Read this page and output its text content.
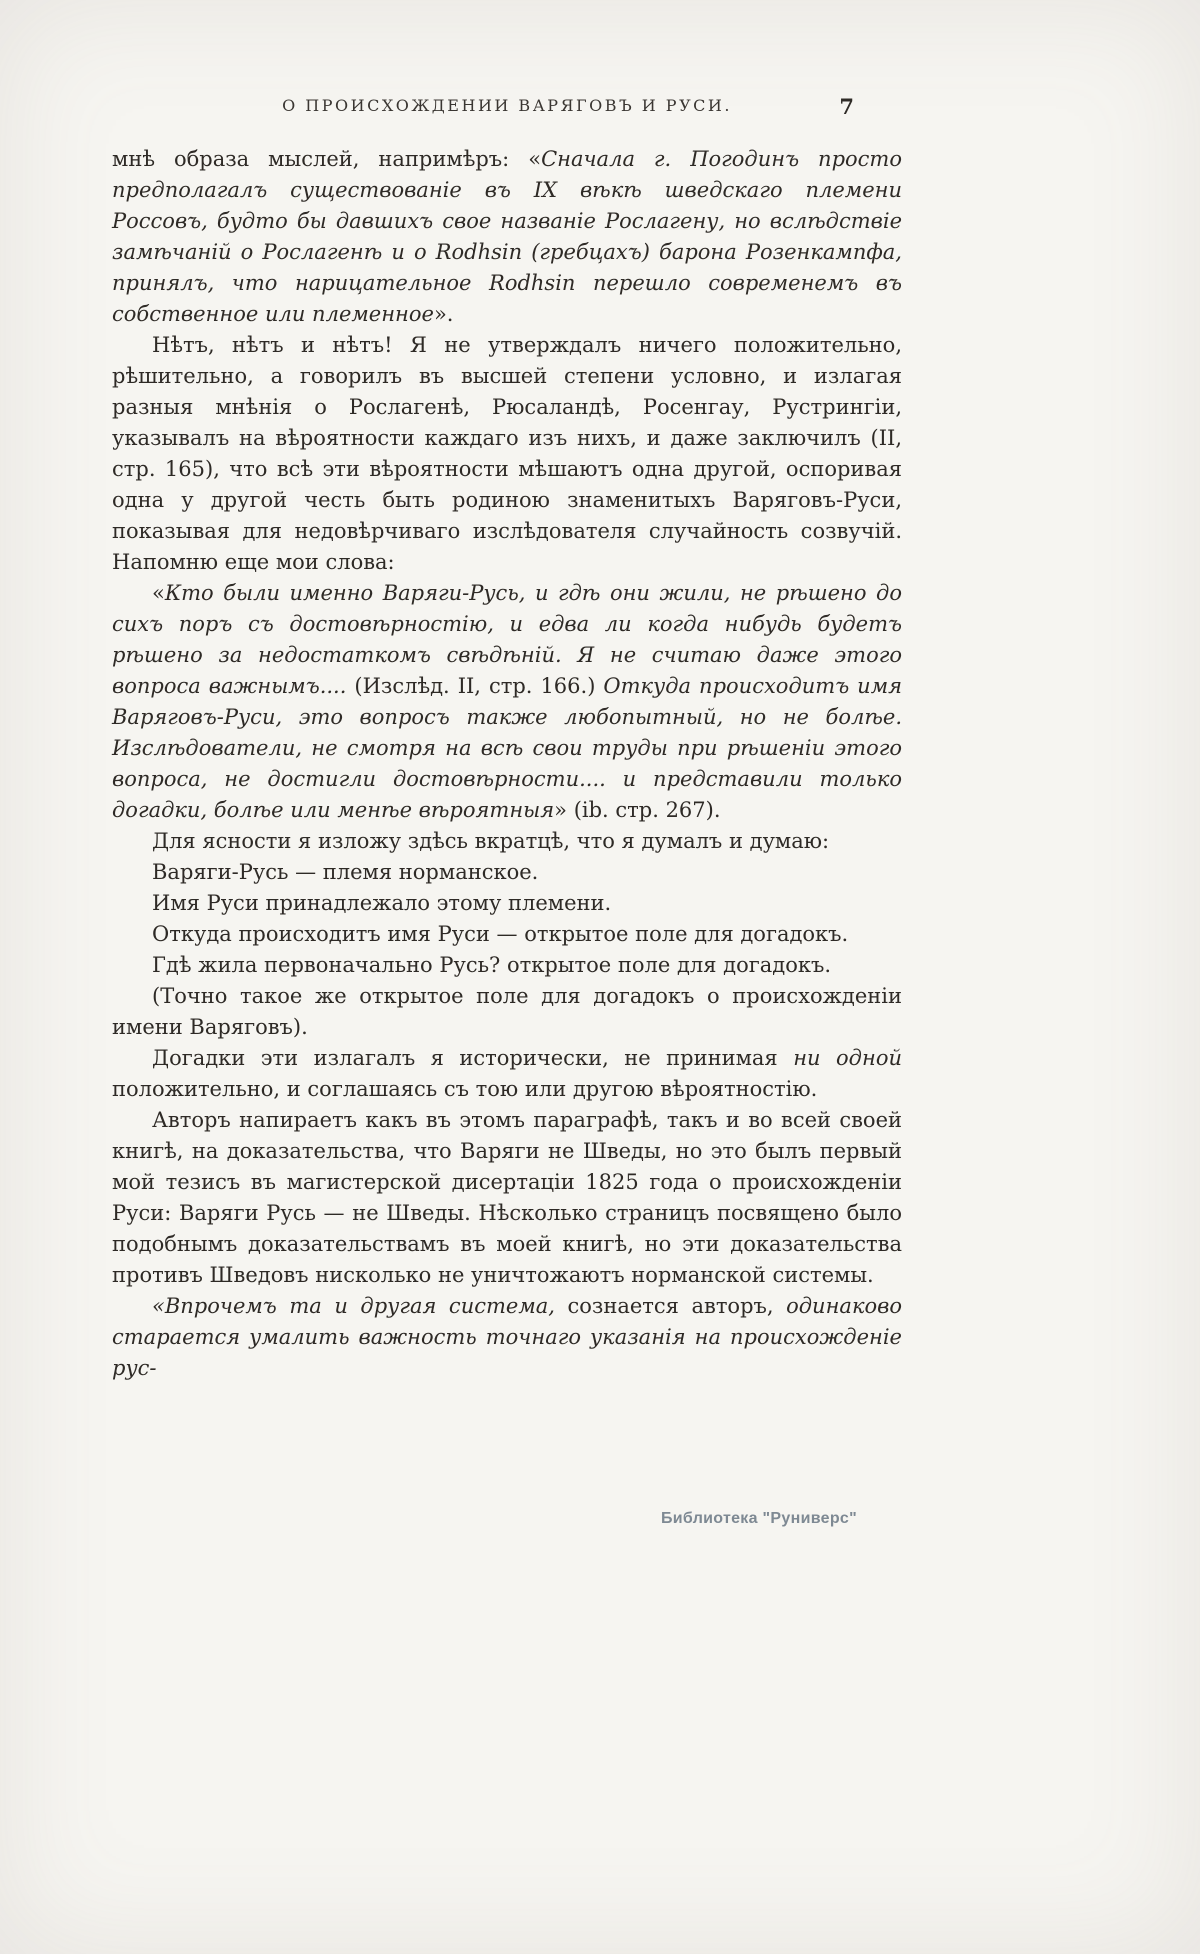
О ПРОИСХОЖДЕНИИ ВАРЯГОВЪ И РУСИ.	7

мнѣ образа мыслей, напримѣръ: «Сначала г. Погодинъ просто предполагалъ существованіе въ IX вѣкѣ шведскаго племени Россовъ, будто бы давшихъ свое названіе Рослагену, но вслѣдствіе замѣчаній о Рослагенѣ и о Rodhsin (гребцахъ) барона Розенкампфа, принялъ, что нарицательное Rodhsin перешло современемъ въ собственное или племенное».

Нѣтъ, нѣтъ и нѣтъ! Я не утверждалъ ничего положительно, рѣшительно, а говорилъ въ высшей степени условно, и излагая разныя мнѣнія о Рослагенѣ, Рюсаландѣ, Росенгау, Рустрингіи, указывалъ на вѣроятности каждаго изъ нихъ, и даже заключилъ (II, стр. 165), что всѣ эти вѣроятности мѣшаютъ одна другой, оспоривая одна у другой честь быть родиною знаменитыхъ Варяговъ-Руси, показывая для недовѣрчиваго изслѣдователя случайность созвучій. Напомню еще мои слова:

«Кто были именно Варяги-Русь, и гдѣ они жили, не рѣшено до сихъ поръ съ достовѣрностію, и едва ли когда нибудь будетъ рѣшено за недостаткомъ свѣдѣній. Я не считаю даже этого вопроса важнымъ.... (Изслѣд. II, стр. 166.) Откуда происходитъ имя Варяговъ-Руси, это вопросъ также любопытный, но не болѣе. Изслѣдователи, не смотря на всѣ свои труды при рѣшеніи этого вопроса, не достигли достовѣрности.... и представили только догадки, болѣе или менѣе вѣроятныя» (ib. стр. 267).

Для ясности я изложу здѣсь вкратцѣ, что я думалъ и думаю:

Варяги-Русь — племя норманское.

Имя Руси принадлежало этому племени.

Откуда происходитъ имя Руси — открытое поле для догадокъ.

Гдѣ жила первоначально Русь? открытое поле для догадокъ.

(Точно такое же открытое поле для догадокъ о происхожденіи имени Варяговъ).

Догадки эти излагалъ я исторически, не принимая ни одной положительно, и соглашаясь съ тою или другою вѣроятностію.

Авторъ напираетъ какъ въ этомъ параграфѣ, такъ и во всей своей книгѣ, на доказательства, что Варяги не Шведы, но это былъ первый мой тезисъ въ магистерской дисертаціи 1825 года о происхожденіи Руси: Варяги Русь — не Шведы. Нѣсколько страницъ посвящено было подобнымъ доказательствамъ въ моей книгѣ, но эти доказательства противъ Шведовъ нисколько не уничтожаютъ норманской системы.

«Впрочемъ та и другая система, сознается авторъ, одинаково старается умалить важность точнаго указанія на происхожденіе рус-

Библиотека "Руниверс"
